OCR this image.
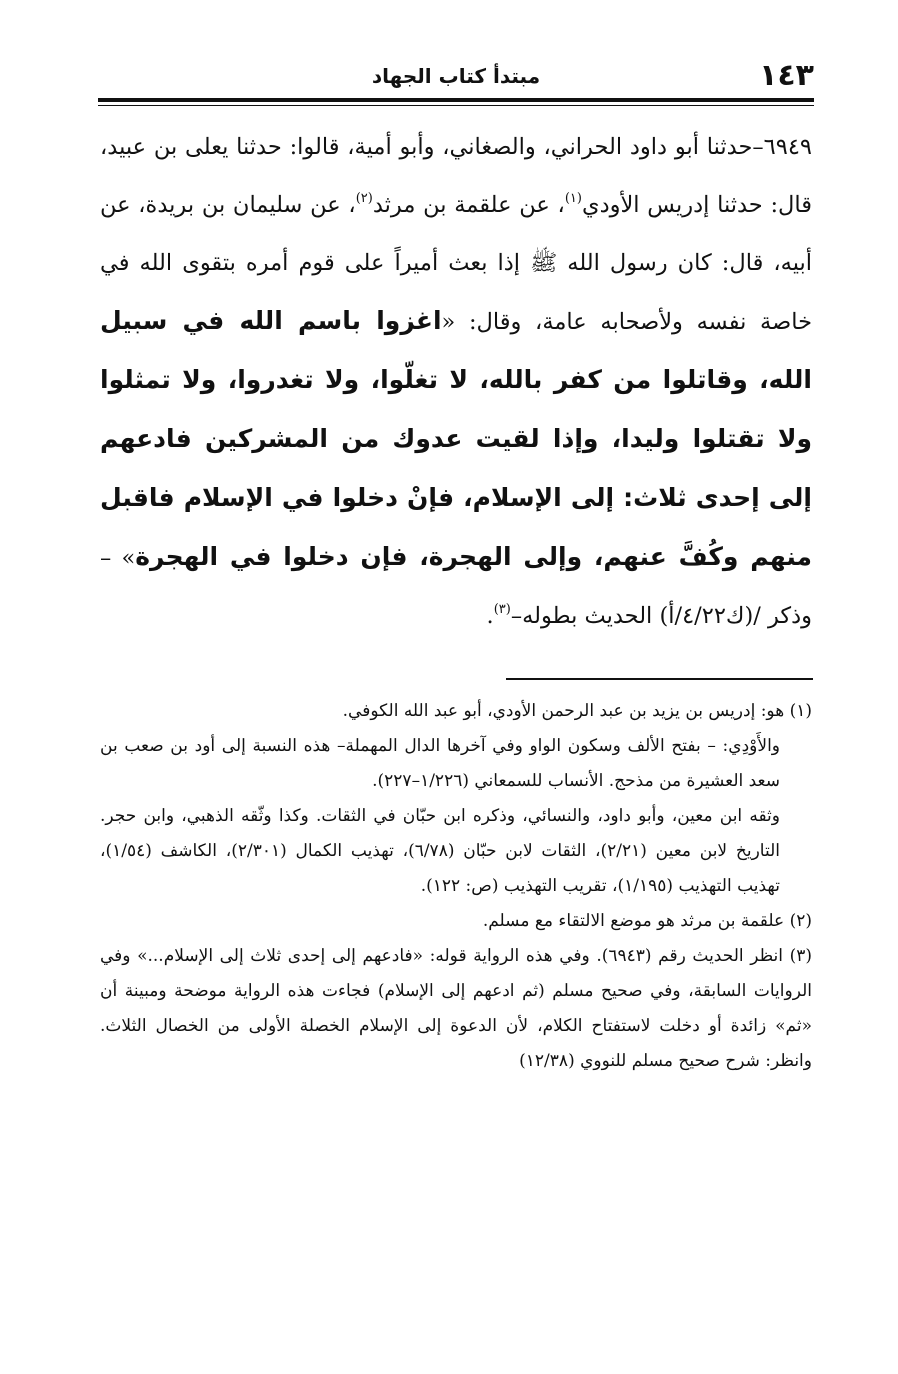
١٤٣
مبتدأ كتاب الجهاد
٦٩٤٩–حدثنا أبو داود الحراني، والصغاني، وأبو أمية، قالوا: حدثنا يعلى بن عبيد، قال: حدثنا إدريس الأودي$^{(١)}$، عن علقمة بن مرثد$^{(٢)}$، عن سليمان بن بريدة، عن أبيه، قال: كان رسول الله ﷺ إذا بعث أميراً على قوم أمره بتقوى الله في خاصة نفسه ولأصحابه عامة، وقال: «اغزوا باسم الله في سبيل الله، وقاتلوا من كفر بالله، لا تغلّوا، ولا تغدروا، ولا تمثلوا ولا تقتلوا وليدا، وإذا لقيت عدوك من المشركين فادعهم إلى إحدى ثلاث: إلى الإسلام، فإنْ دخلوا في الإسلام فاقبل منهم وكُفَّ عنهم، وإلى الهجرة، فإن دخلوا في الهجرة» – وذكر /(ك٤/٢٢/أ) الحديث بطوله–$^{(٣)}$.

(١) هو: إدريس بن يزيد بن عبد الرحمن الأودي، أبو عبد الله الكوفي.

والأَوْدِي: – بفتح الألف وسكون الواو وفي آخرها الدال المهملة– هذه النسبة إلى أود بن صعب بن سعد العشيرة من مذحج. الأنساب للسمعاني (١/٢٢٦–٢٢٧).

وثقه ابن معين، وأبو داود، والنسائي، وذكره ابن حبّان في الثقات. وكذا وثّقه الذهبي، وابن حجر. التاريخ لابن معين (٢/٢١)، الثقات لابن حبّان (٦/٧٨)، تهذيب الكمال (٢/٣٠١)، الكاشف (١/٥٤)، تهذيب التهذيب (١/١٩٥)، تقريب التهذيب (ص: ١٢٢).

(٢) علقمة بن مرثد هو موضع الالتقاء مع مسلم.

(٣) انظر الحديث رقم (٦٩٤٣). وفي هذه الرواية قوله: «فادعهم إلى إحدى ثلاث إلى الإسلام...» وفي الروايات السابقة، وفي صحيح مسلم (ثم ادعهم إلى الإسلام) فجاءت هذه الرواية موضحة ومبينة أن «ثم» زائدة أو دخلت لاستفتاح الكلام، لأن الدعوة إلى الإسلام الخصلة الأولى من الخصال الثلاث. وانظر: شرح صحيح مسلم للنووي (١٢/٣٨)
